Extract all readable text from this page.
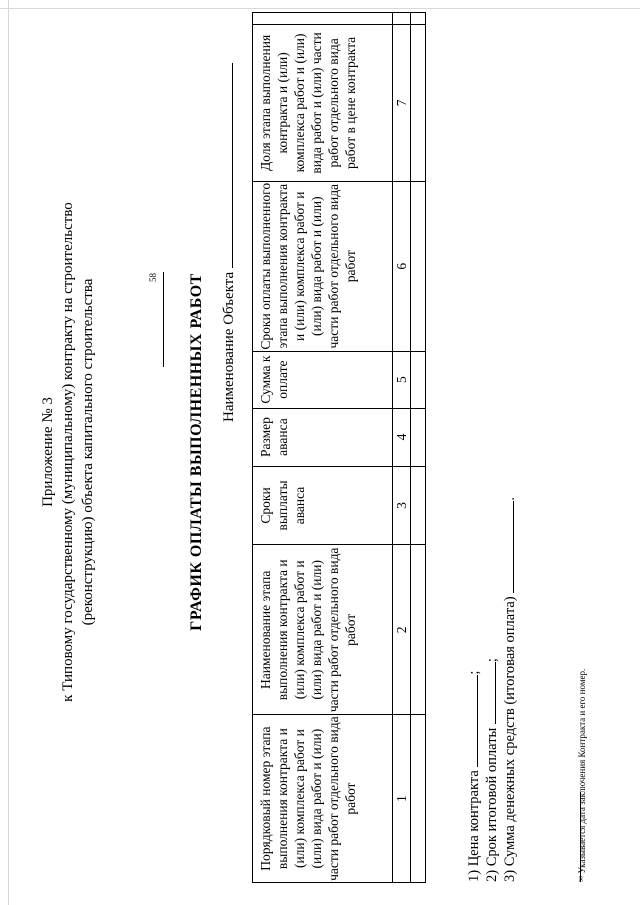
Приложение № 3 к Типовому государственному (муниципальному) контракту на строительство (реконструкцию) объекта капитального строительства
58 ГРАФИК ОПЛАТЫ ВЫПОЛНЕННЫХ РАБОТ Наименование Объекта
Порядковый номер этапа выполнения контракта и (или) комплекса работ и (или) вида работ и (или) части работ отдельного вида работ	Наименование этапа выполнения контракта и (или) комплекса работ и (или) вида работ и (или) части работ отдельного вида работ	Сроки выплаты аванса	Размер аванса	Сумма к оплате	Сроки оплаты выполненного этапа выполнения контракта и (или) комплекса работ и (или) вида работ и (или) части работ отдельного вида работ	Доля этапа выполнения контракта и (или) комплекса работ и (или) вида работ и (или) части работ отдельного вида работ в цене контракта	
1	2	3	4	5	6	7	

1) Цена контракта ;
2) Срок итоговой оплаты ; 3) Сумма денежных средств (итоговая оплата) .
⁵⁸ Указывается дата заключения Контракта и его номер.
